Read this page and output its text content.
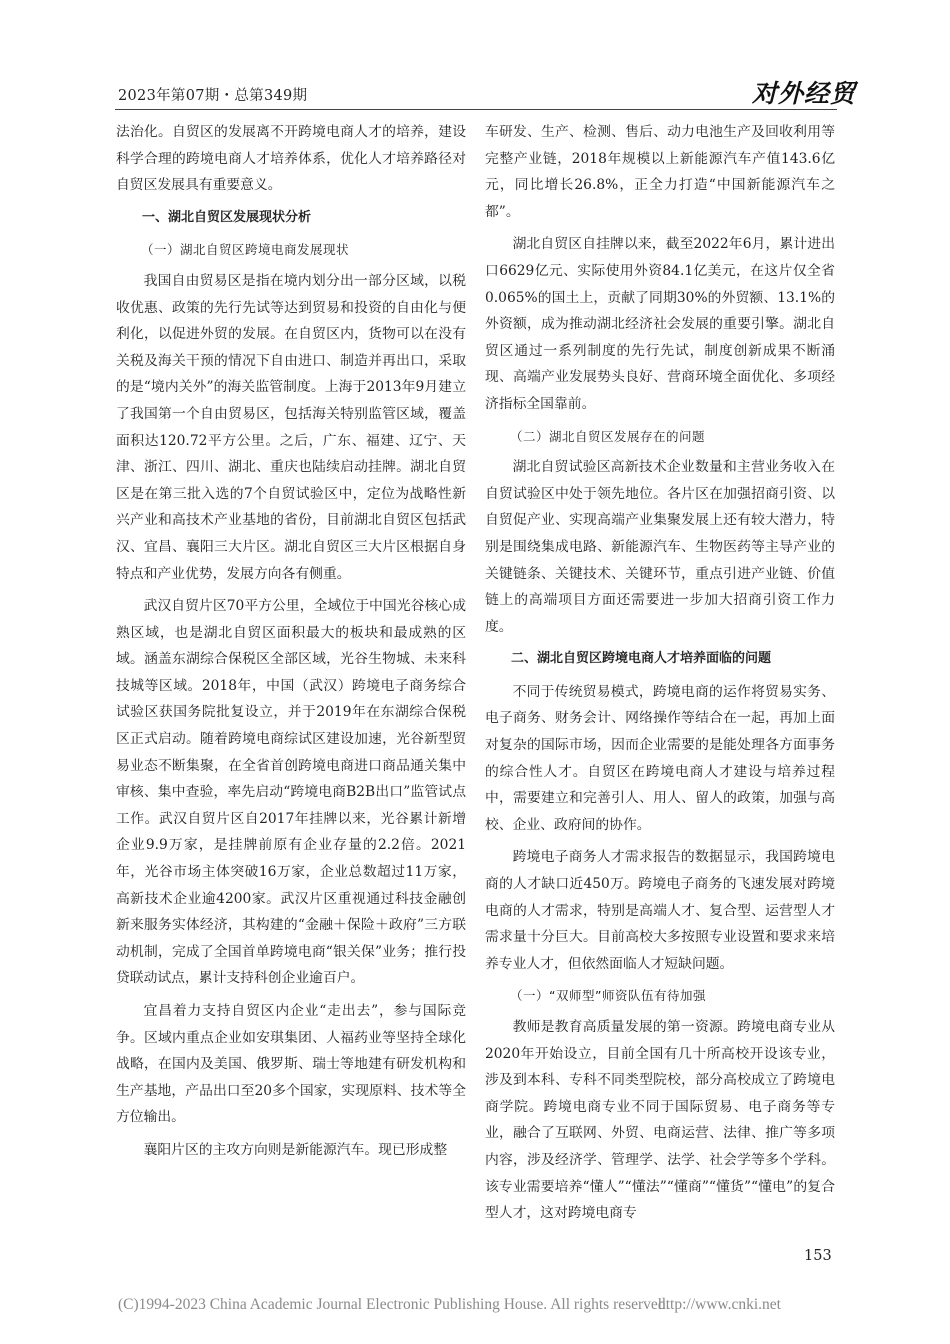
2023年第07期・总第349期	对外经贸

法治化。自贸区的发展离不开跨境电商人才的培养，建设科学合理的跨境电商人才培养体系，优化人才培养路径对自贸区发展具有重要意义。

一、湖北自贸区发展现状分析
（一）湖北自贸区跨境电商发展现状

我国自由贸易区是指在境内划分出一部分区域，以税收优惠、政策的先行先试等达到贸易和投资的自由化与便利化，以促进外贸的发展。在自贸区内，货物可以在没有关税及海关干预的情况下自由进口、制造并再出口，采取的是“境内关外”的海关监管制度。上海于2013年9月建立了我国第一个自由贸易区，包括海关特别监管区域，覆盖面积达120.72平方公里。之后，广东、福建、辽宁、天津、浙江、四川、湖北、重庆也陆续启动挂牌。湖北自贸区是在第三批入选的7个自贸试验区中，定位为战略性新兴产业和高技术产业基地的省份，目前湖北自贸区包括武汉、宜昌、襄阳三大片区。湖北自贸区三大片区根据自身特点和产业优势，发展方向各有侧重。

武汉自贸片区70平方公里，全域位于中国光谷核心成熟区域，也是湖北自贸区面积最大的板块和最成熟的区域。涵盖东湖综合保税区全部区域，光谷生物城、未来科技城等区域。2018年，中国（武汉）跨境电子商务综合试验区获国务院批复设立，并于2019年在东湖综合保税区正式启动。随着跨境电商综试区建设加速，光谷新型贸易业态不断集聚，在全省首创跨境电商进口商品通关集中审核、集中查验，率先启动“跨境电商B2B出口”监管试点工作。武汉自贸片区自2017年挂牌以来，光谷累计新增企业9.9万家，是挂牌前原有企业存量的2.2倍。2021年，光谷市场主体突破16万家，企业总数超过11万家，高新技术企业逾4200家。武汉片区重视通过科技金融创新来服务实体经济，其构建的“金融＋保险＋政府”三方联动机制，完成了全国首单跨境电商“银关保”业务；推行投贷联动试点，累计支持科创企业逾百户。

宜昌着力支持自贸区内企业“走出去”，参与国际竞争。区域内重点企业如安琪集团、人福药业等坚持全球化战略，在国内及美国、俄罗斯、瑞士等地建有研发机构和生产基地，产品出口至20多个国家，实现原料、技术等全方位输出。

襄阳片区的主攻方向则是新能源汽车。现已形成整

车研发、生产、检测、售后、动力电池生产及回收利用等完整产业链，2018年规模以上新能源汽车产值143.6亿元，同比增长26.8%，正全力打造“中国新能源汽车之都”。

湖北自贸区自挂牌以来，截至2022年6月，累计进出口6629亿元、实际使用外资84.1亿美元，在这片仅全省0.065%的国土上，贡献了同期30%的外贸额、13.1%的外资额，成为推动湖北经济社会发展的重要引擎。湖北自贸区通过一系列制度的先行先试，制度创新成果不断涌现、高端产业发展势头良好、营商环境全面优化、多项经济指标全国靠前。

（二）湖北自贸区发展存在的问题

湖北自贸试验区高新技术企业数量和主营业务收入在自贸试验区中处于领先地位。各片区在加强招商引资、以自贸促产业、实现高端产业集聚发展上还有较大潜力，特别是围绕集成电路、新能源汽车、生物医药等主导产业的关键链条、关键技术、关键环节，重点引进产业链、价值链上的高端项目方面还需要进一步加大招商引资工作力度。

二、湖北自贸区跨境电商人才培养面临的问题

不同于传统贸易模式，跨境电商的运作将贸易实务、电子商务、财务会计、网络操作等结合在一起，再加上面对复杂的国际市场，因而企业需要的是能处理各方面事务的综合性人才。自贸区在跨境电商人才建设与培养过程中，需要建立和完善引人、用人、留人的政策，加强与高校、企业、政府间的协作。

跨境电子商务人才需求报告的数据显示，我国跨境电商的人才缺口近450万。跨境电子商务的飞速发展对跨境电商的人才需求，特别是高端人才、复合型、运营型人才需求量十分巨大。目前高校大多按照专业设置和要求来培养专业人才，但依然面临人才短缺问题。

（一）“双师型”师资队伍有待加强

教师是教育高质量发展的第一资源。跨境电商专业从2020年开始设立，目前全国有几十所高校开设该专业，涉及到本科、专科不同类型院校，部分高校成立了跨境电商学院。跨境电商专业不同于国际贸易、电子商务等专业，融合了互联网、外贸、电商运营、法律、推广等多项内容，涉及经济学、管理学、法学、社会学等多个学科。该专业需要培养“懂人”“懂法”“懂商”“懂货”“懂电”的复合型人才，这对跨境电商专

153
(C)1994-2023 China Academic Journal Electronic Publishing House. All rights reserved.
http://www.cnki.net
